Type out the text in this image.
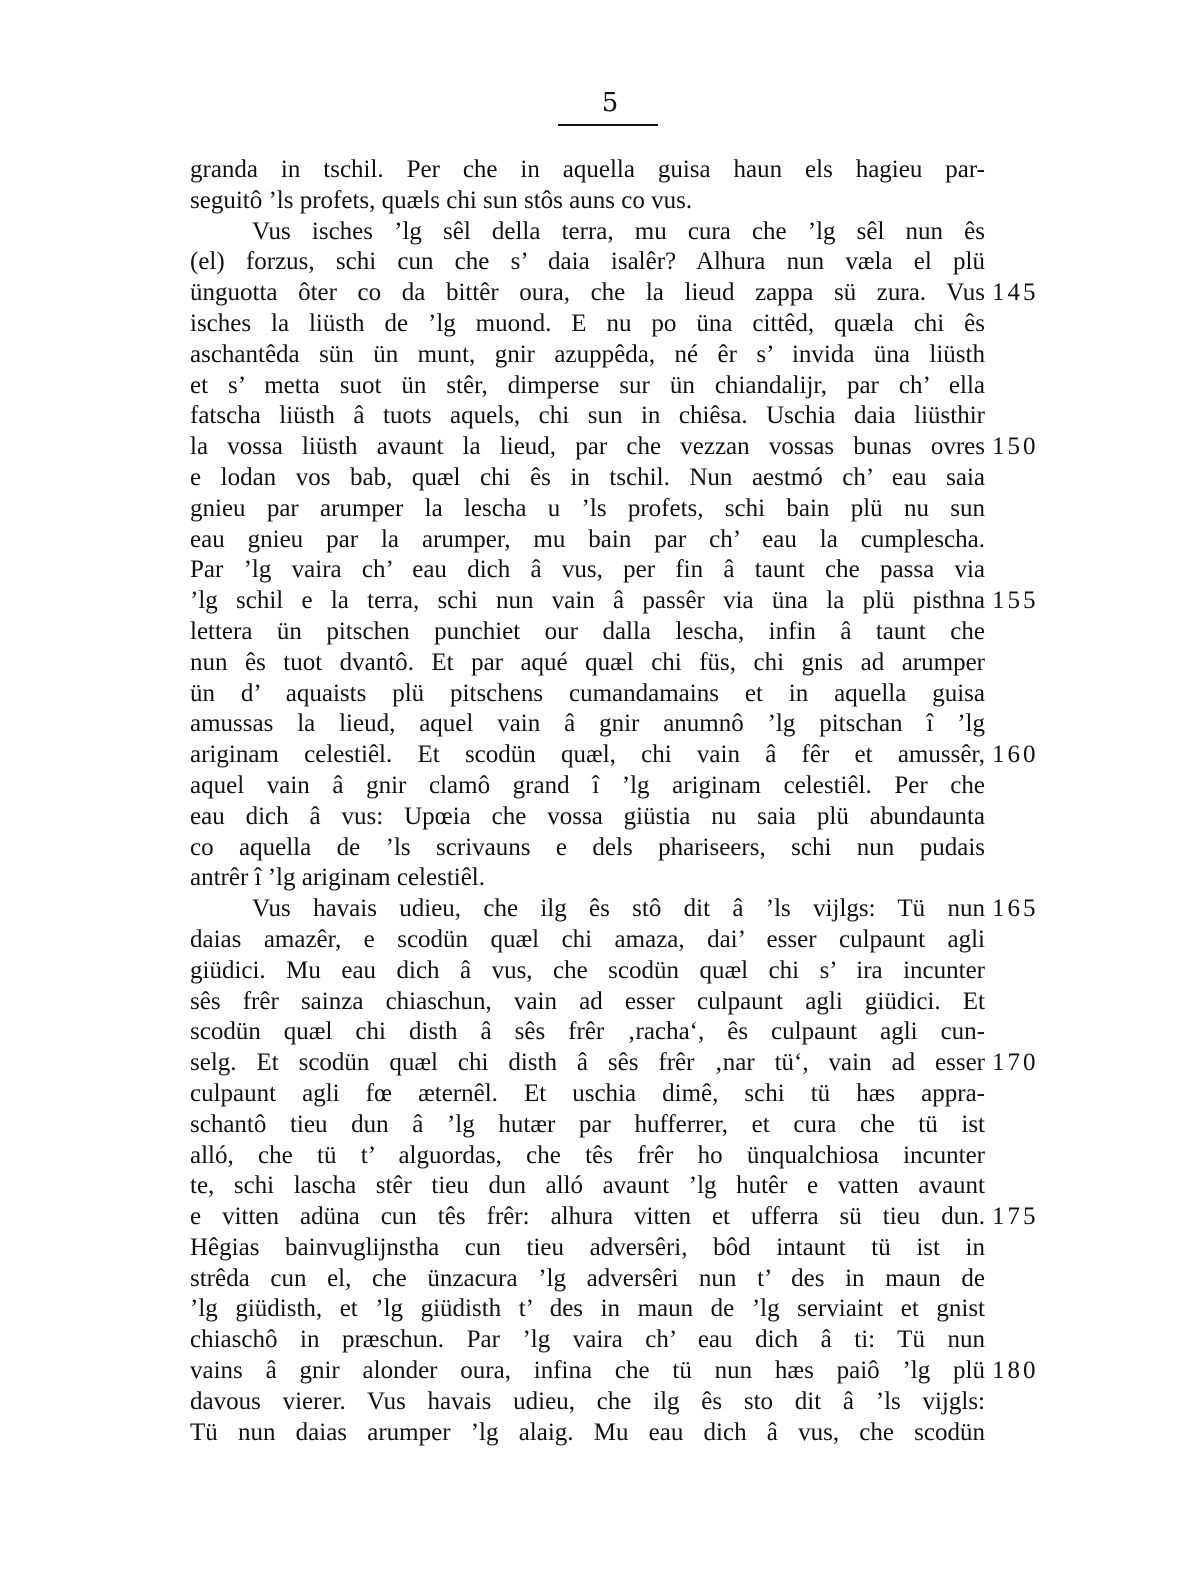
5
granda in tschil. Per che in aquella guisa haun els hagieu par-
seguitô ’ls profets, quæls chi sun stôs auns co vus.
Vus isches ’lg sêl della terra, mu cura che ’lg sêl nun ês
(el) forzus, schi cun che s’ daia isalêr? Alhura nun væla el plü
ünguotta ôter co da bittêr oura, che la lieud zappa sü zura. Vus 145
isches la liüsth de ’lg muond. E nu po üna cittêd, quæla chi ês
aschantêda sün ün munt, gnir azuppêda, né êr s’ invida üna liüsth
et s’ metta suot ün stêr, dimperse sur ün chiandalijr, par ch’ ella
fatscha liüsth â tuots aquels, chi sun in chiêsa. Uschia daia liüsthir
la vossa liüsth avaunt la lieud, par che vezzan vossas bunas ovres 150
e lodan vos bab, quæl chi ês in tschil. Nun aestmó ch’ eau saia
gnieu par arumper la lescha u ’ls profets, schi bain plü nu sun
eau gnieu par la arumper, mu bain par ch’ eau la cumplescha.
Par ’lg vaira ch’ eau dich â vus, per fin â taunt che passa via
’lg schil e la terra, schi nun vain â passêr via üna la plü pisthna 155
lettera ün pitschen punchiet our dalla lescha, infin â taunt che
nun ês tuot dvantô. Et par aqué quæl chi füs, chi gnis ad arumper
ün d’ aquaists plü pitschens cumandamains et in aquella guisa
amussas la lieud, aquel vain â gnir anumnô ’lg pitschan î ’lg
ariginam celestiêl. Et scodün quæl, chi vain â fêr et amussêr, 160
aquel vain â gnir clamô grand î ’lg ariginam celestiêl. Per che
eau dich â vus: Upœia che vossa giüstia nu saia plü abundaunta
co aquella de ’ls scrivauns e dels phariseers, schi nun pudais
antrêr î ’lg ariginam celestiêl.
Vus havais udieu, che ilg ês stô dit â ’ls vijlgs: Tü nun 165
daias amazêr, e scodün quæl chi amaza, dai’ esser culpaunt agli
giüdici. Mu eau dich â vus, che scodün quæl chi s’ ira incunter
sês frêr sainza chiaschun, vain ad esser culpaunt agli giüdici. Et
scodün quæl chi disth â sês frêr ‚racha‘, ês culpaunt agli cun-
selg. Et scodün quæl chi disth â sês frêr ‚nar tü‘, vain ad esser 170
culpaunt agli fœ æternêl. Et uschia dimê, schi tü hæs appra-
schantô tieu dun â ’lg hutær par hufferrer, et cura che tü ist
alló, che tü t’ alguordas, che tês frêr ho ünqualchiosa incunter
te, schi lascha stêr tieu dun alló avaunt ’lg hutêr e vatten avaunt
e vitten adüna cun tês frêr: alhura vitten et ufferra sü tieu dun. 175
Hêgias bainvuglijnstha cun tieu adversêri, bôd intaunt tü ist in
strêda cun el, che ünzacura ’lg adversêri nun t’ des in maun de
’lg giüdisth, et ’lg giüdisth t’ des in maun de ’lg serviaint et gnist
chiaschô in præschun. Par ’lg vaira ch’ eau dich â ti: Tü nun
vains â gnir alonder oura, infina che tü nun hæs paiô ’lg plü 180
davous vierer. Vus havais udieu, che ilg ês sto dit â ’ls vijgls:
Tü nun daias arumper ’lg alaig. Mu eau dich â vus, che scodün
